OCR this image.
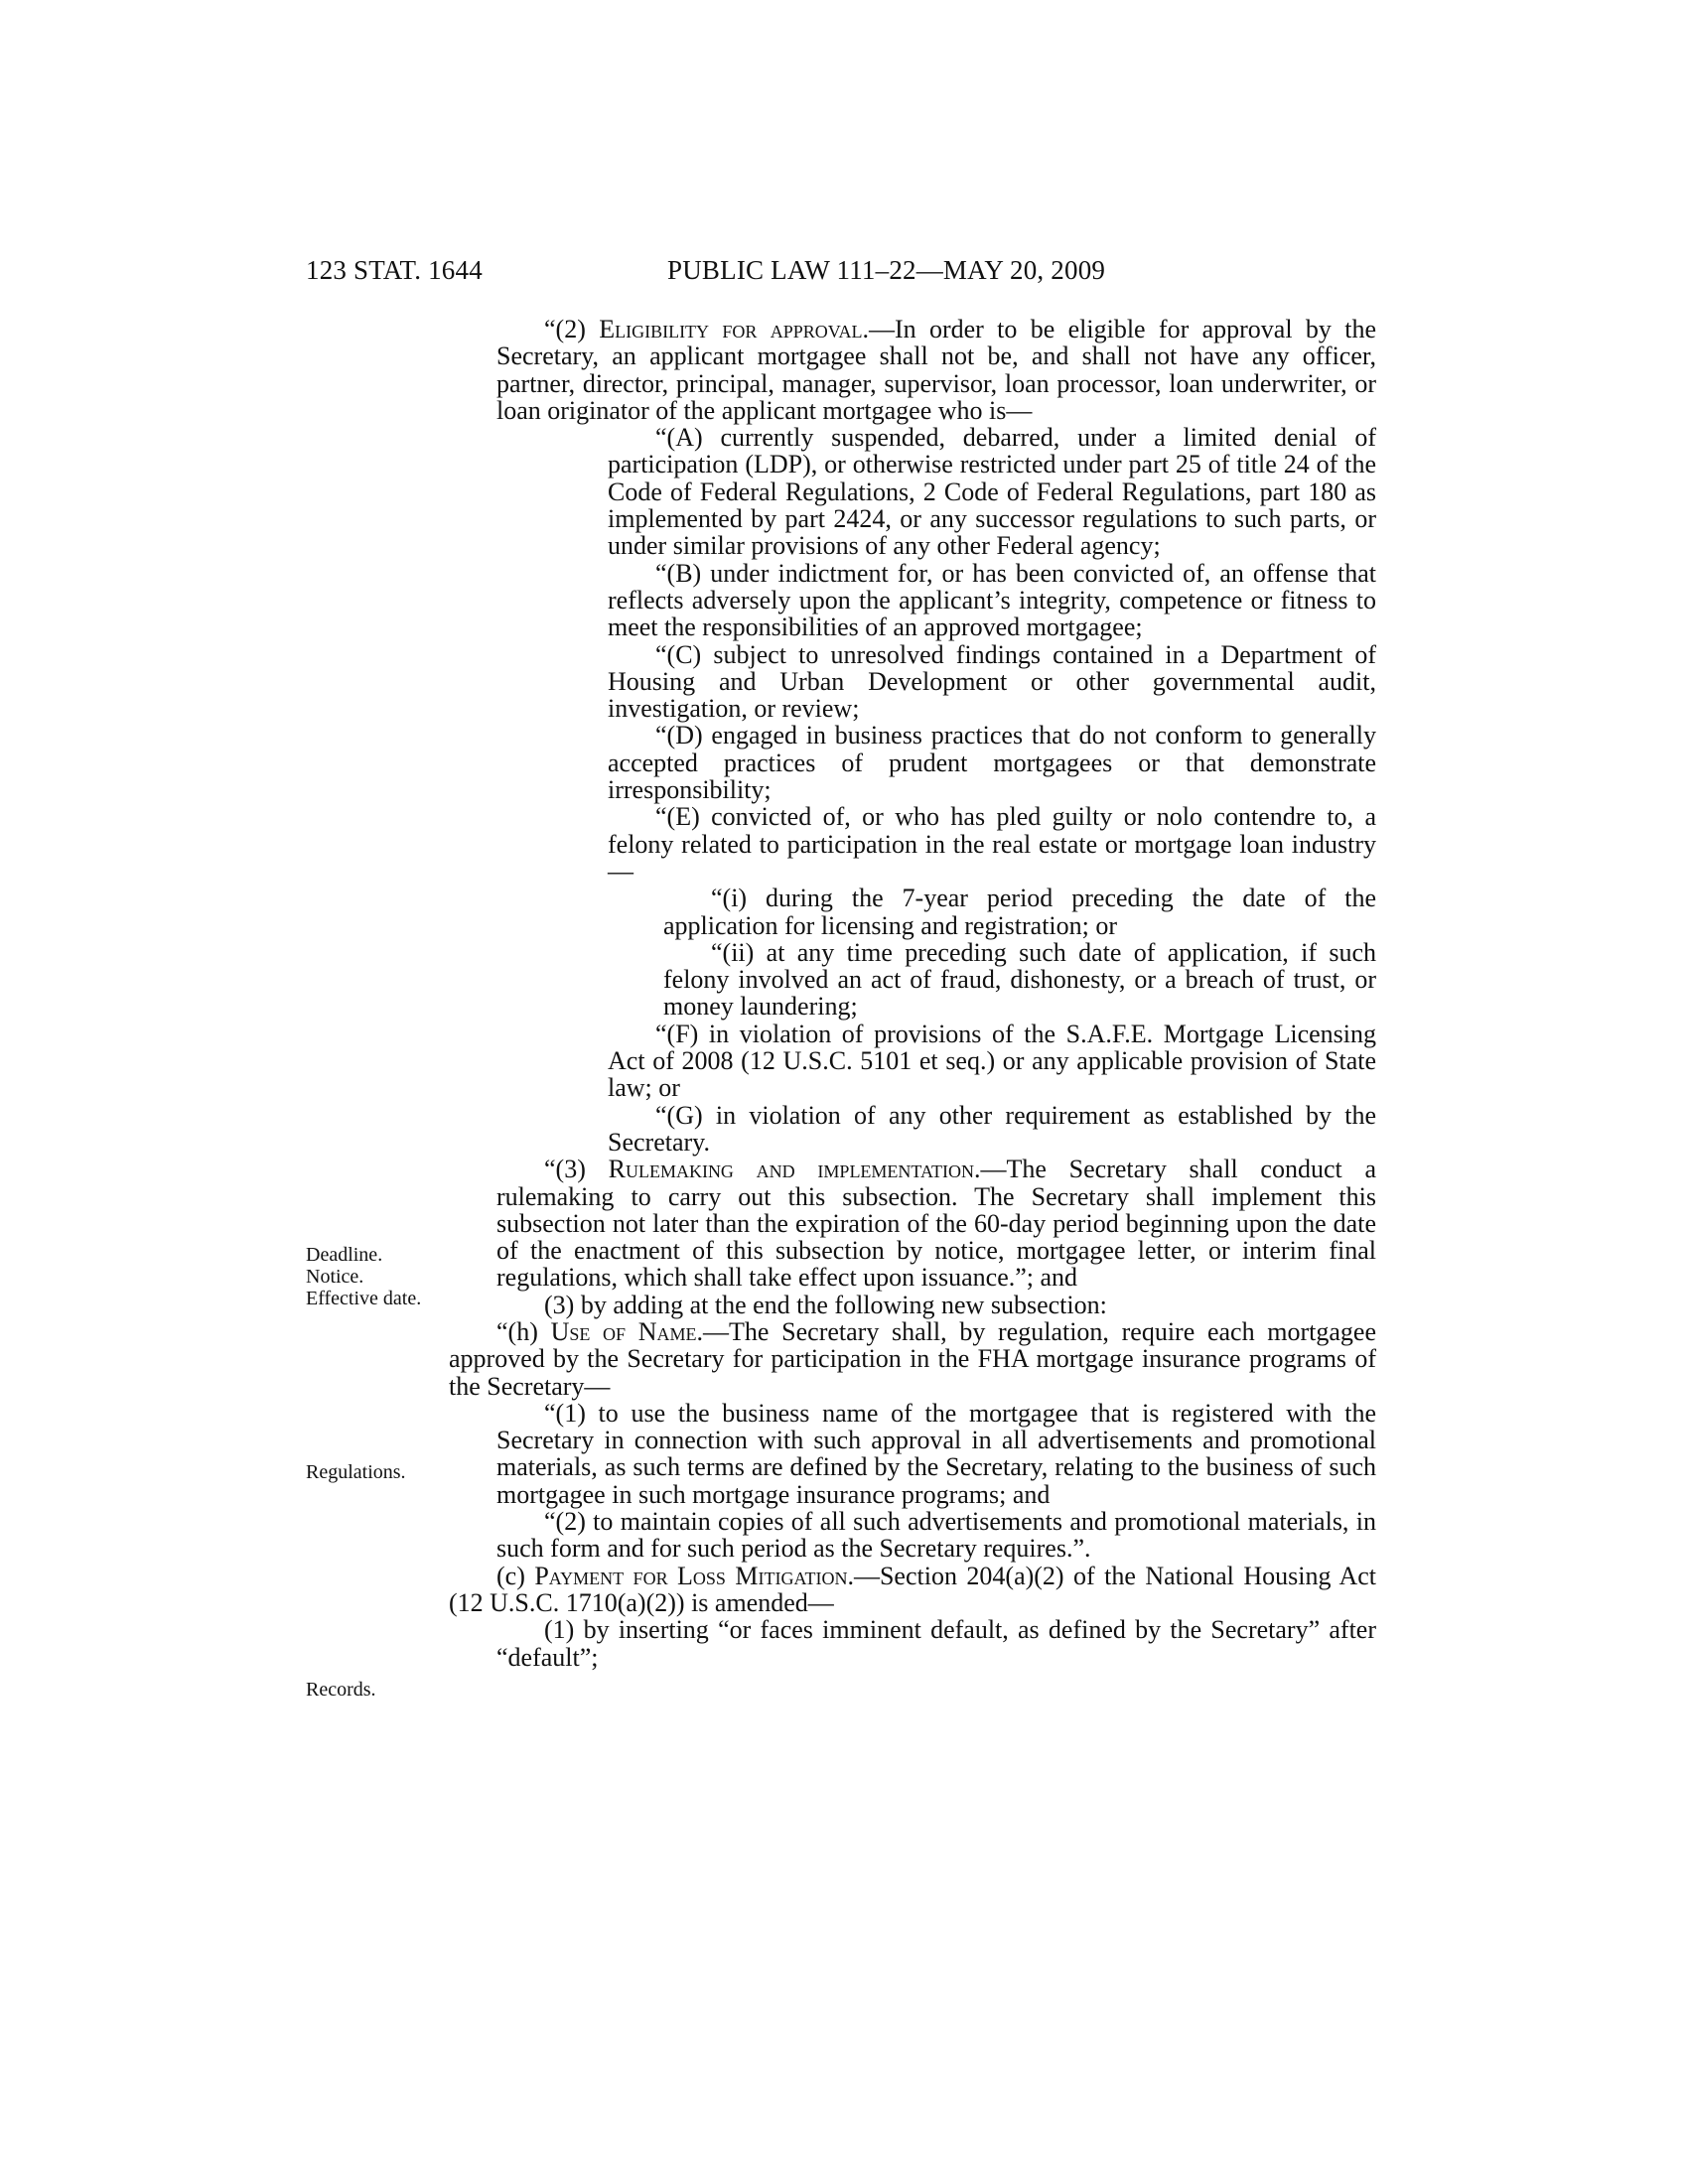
123 STAT. 1644	PUBLIC LAW 111–22—MAY 20, 2009
Deadline.
Notice.
Effective date.
Regulations.
Records.

“(2) Eligibility for approval.—In order to be eligible for approval by the Secretary, an applicant mortgagee shall not be, and shall not have any officer, partner, director, principal, manager, supervisor, loan processor, loan underwriter, or loan originator of the applicant mortgagee who is—

“(A) currently suspended, debarred, under a limited denial of participation (LDP), or otherwise restricted under part 25 of title 24 of the Code of Federal Regulations, 2 Code of Federal Regulations, part 180 as implemented by part 2424, or any successor regulations to such parts, or under similar provisions of any other Federal agency;

“(B) under indictment for, or has been convicted of, an offense that reflects adversely upon the applicant’s integrity, competence or fitness to meet the responsibilities of an approved mortgagee;

“(C) subject to unresolved findings contained in a Department of Housing and Urban Development or other governmental audit, investigation, or review;

“(D) engaged in business practices that do not conform to generally accepted practices of prudent mortgagees or that demonstrate irresponsibility;

“(E) convicted of, or who has pled guilty or nolo contendre to, a felony related to participation in the real estate or mortgage loan industry—

“(i) during the 7-year period preceding the date of the application for licensing and registration; or

“(ii) at any time preceding such date of application, if such felony involved an act of fraud, dishonesty, or a breach of trust, or money laundering;

“(F) in violation of provisions of the S.A.F.E. Mortgage Licensing Act of 2008 (12 U.S.C. 5101 et seq.) or any applicable provision of State law; or

“(G) in violation of any other requirement as established by the Secretary.

“(3) Rulemaking and implementation.—The Secretary shall conduct a rulemaking to carry out this subsection. The Secretary shall implement this subsection not later than the expiration of the 60-day period beginning upon the date of the enactment of this subsection by notice, mortgagee letter, or interim final regulations, which shall take effect upon issuance.”; and

(3) by adding at the end the following new subsection:

“(h) Use of Name.—The Secretary shall, by regulation, require each mortgagee approved by the Secretary for participation in the FHA mortgage insurance programs of the Secretary—

“(1) to use the business name of the mortgagee that is registered with the Secretary in connection with such approval in all advertisements and promotional materials, as such terms are defined by the Secretary, relating to the business of such mortgagee in such mortgage insurance programs; and

“(2) to maintain copies of all such advertisements and promotional materials, in such form and for such period as the Secretary requires.”.

(c) Payment for Loss Mitigation.—Section 204(a)(2) of the National Housing Act (12 U.S.C. 1710(a)(2)) is amended—

(1) by inserting “or faces imminent default, as defined by the Secretary” after “default”;
